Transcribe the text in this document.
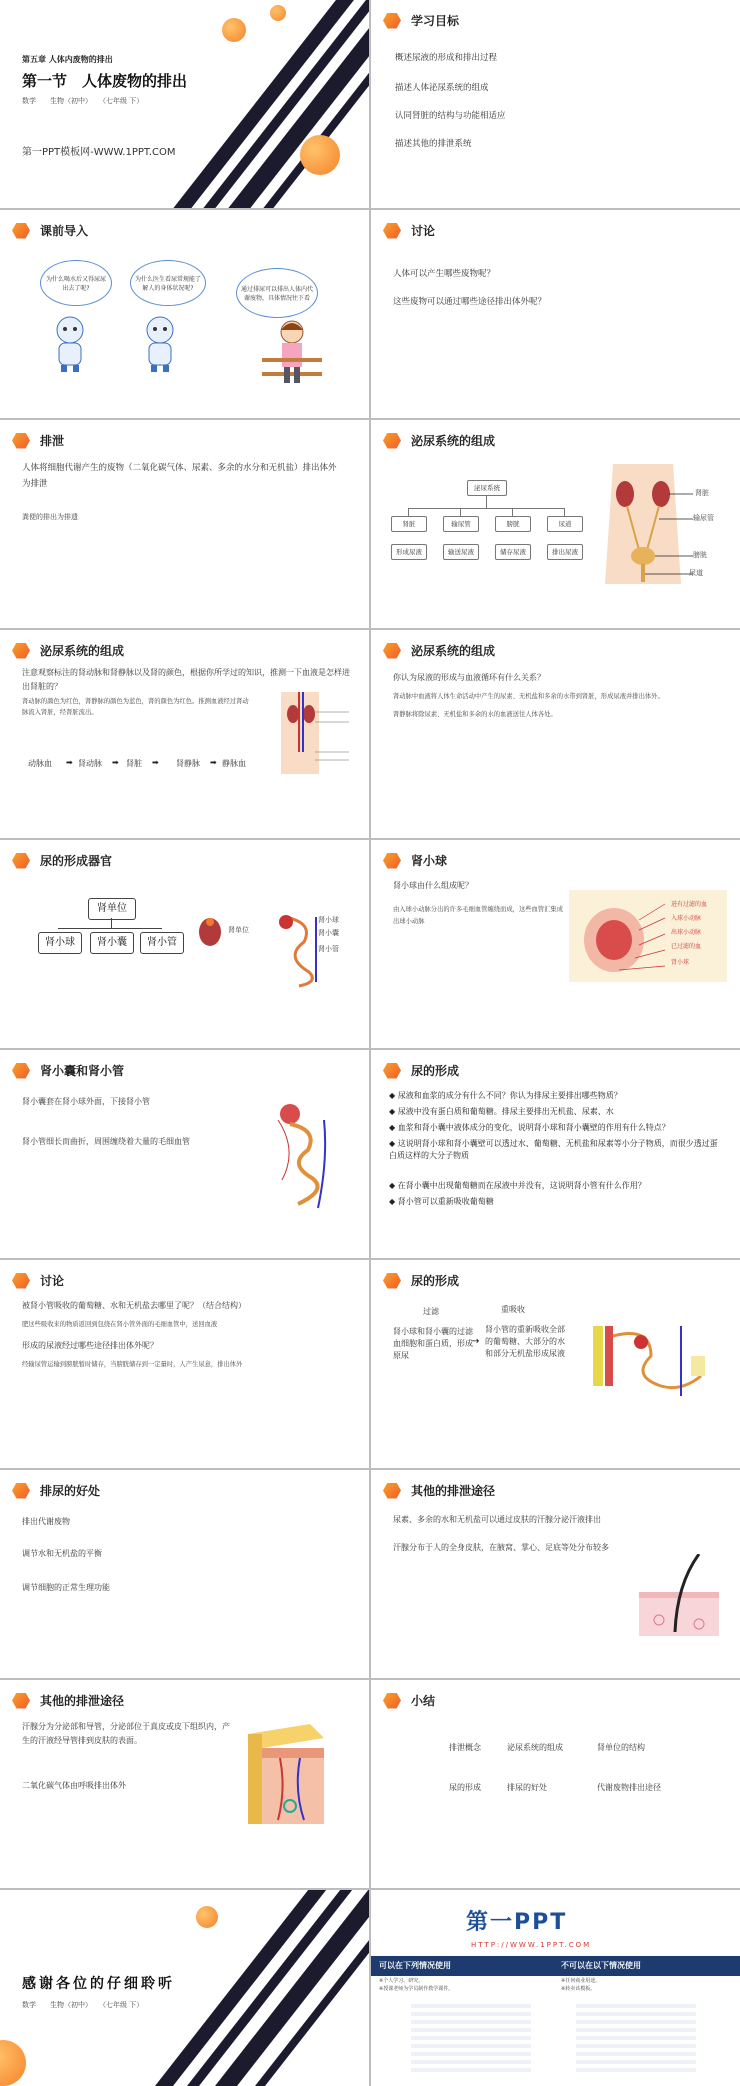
第五章 人体内废物的排出
第一节　人体废物的排出
数学　　生物（初中）　　（七年级 下）
第一PPT模板网-WWW.1PPT.COM
学习目标
概述尿液的形成和排出过程
描述人体泌尿系统的组成
认同肾脏的结构与功能相适应
描述其他的排泄系统
课前导入
为什么喝水后又得尿尿出去了呢?
为什么医生看尿常规能了解人的身体状况呢?	通过排尿可以排出人体内代谢废物，具体情况往下看
讨论
人体可以产生哪些废物呢？
这些废物可以通过哪些途径排出体外呢？
排泄
人体将细胞代谢产生的废物（二氧化碳气体、尿素、多余的水分和无机盐）排出体外为排泄
粪便的排出为排遗
泌尿系统的组成
泌尿系统
肾脏	输尿管	膀胱	尿道
形成尿液	输送尿液	储存尿液	排出尿液
肾脏
输尿管
膀胱
尿道
泌尿系统的组成
注意观察标注的肾动脉和肾静脉以及肾的颜色，根据你所学过的知识，推测一下血液是怎样进出肾脏的？
肾动脉的颜色为红色，肾静脉的颜色为蓝色，肾的颜色为红色。推测血液经过肾动脉流入肾脏，经肾脏流出。
动脉血 ➡ 肾动脉 ➡ 肾脏 ➡ 肾静脉 ➡ 静脉血
泌尿系统的组成
你认为尿液的形成与血液循环有什么关系？
肾动脉中血液将人体生命活动中产生的尿素、无机盐和多余的水带到肾脏，形成尿液并排出体外。
肾静脉将除尿素、无机盐和多余的水的血液送往人体各处。
尿的形成器官
肾单位
肾小球	肾小囊	肾小管
肾单位
肾小球
肾小囊
肾小管
肾小球
肾小球由什么组成呢？
由入球小动脉分出的许多毛细血管缠绕而成，这些血管汇集成出球小动脉
进有过滤的血
入球小动脉
出球小动脉
已过滤的血
肾小球
肾小囊和肾小管
肾小囊套在肾小球外面，下接肾小管
肾小管细长而曲折，周围缠绕着大量的毛细血管
尿的形成
◆ 尿液和血浆的成分有什么不同？你认为排尿主要排出哪些物质？
◆ 尿液中没有蛋白质和葡萄糖。排尿主要排出无机盐、尿素、水
◆ 血浆和肾小囊中液体成分的变化，说明肾小球和肾小囊壁的作用有什么特点？
◆ 这说明肾小球和肾小囊壁可以透过水、葡萄糖、无机盐和尿素等小分子物质，而很少透过蛋白质这样的大分子物质
◆ 在肾小囊中出现葡萄糖而在尿液中并没有，这说明肾小管有什么作用？
◆ 肾小管可以重新吸收葡萄糖
讨论
被肾小管吸收的葡萄糖、水和无机盐去哪里了呢？（结合结构）
肥这些吸收来的物质返回到包绕在肾小管外面的毛细血管中，送回血液
形成的尿液经过哪些途径排出体外呢？
经输尿管运输到膀胱暂时储存，当膀胱储存到一定量时，人产生尿意，排出体外
尿的形成
过滤	重吸收
肾小球和肾小囊的过滤血细胞和蛋白质，形成原尿
→
肾小管的重新吸收全部的葡萄糖、大部分的水和部分无机盐形成尿液
排尿的好处
排出代谢废物
调节水和无机盐的平衡
调节细胞的正常生理功能
其他的排泄途径
尿素、多余的水和无机盐可以通过皮肤的汗腺分泌汗液排出
汗腺分布于人的全身皮肤，在腋窝、掌心、足底等处分布较多
其他的排泄途径
汗腺分为分泌部和导管，分泌部位于真皮或皮下组织内，产生的汗液经导管排到皮肤的表面。
二氧化碳气体由呼吸排出体外
小结
排泄概念	泌尿系统的组成	肾单位的结构
尿的形成	排尿的好处	代谢废物排出途径
感谢各位的仔细聆听
数学　　生物（初中）　　（七年级 下）
第一PPT
HTTP://WWW.1PPT.COM
可以在下列情况使用	不可以在以下情况使用
※个人学习、研究。
※授课老师为学员制作教学课件。
※任何商业用途。
※转卖该模板。
